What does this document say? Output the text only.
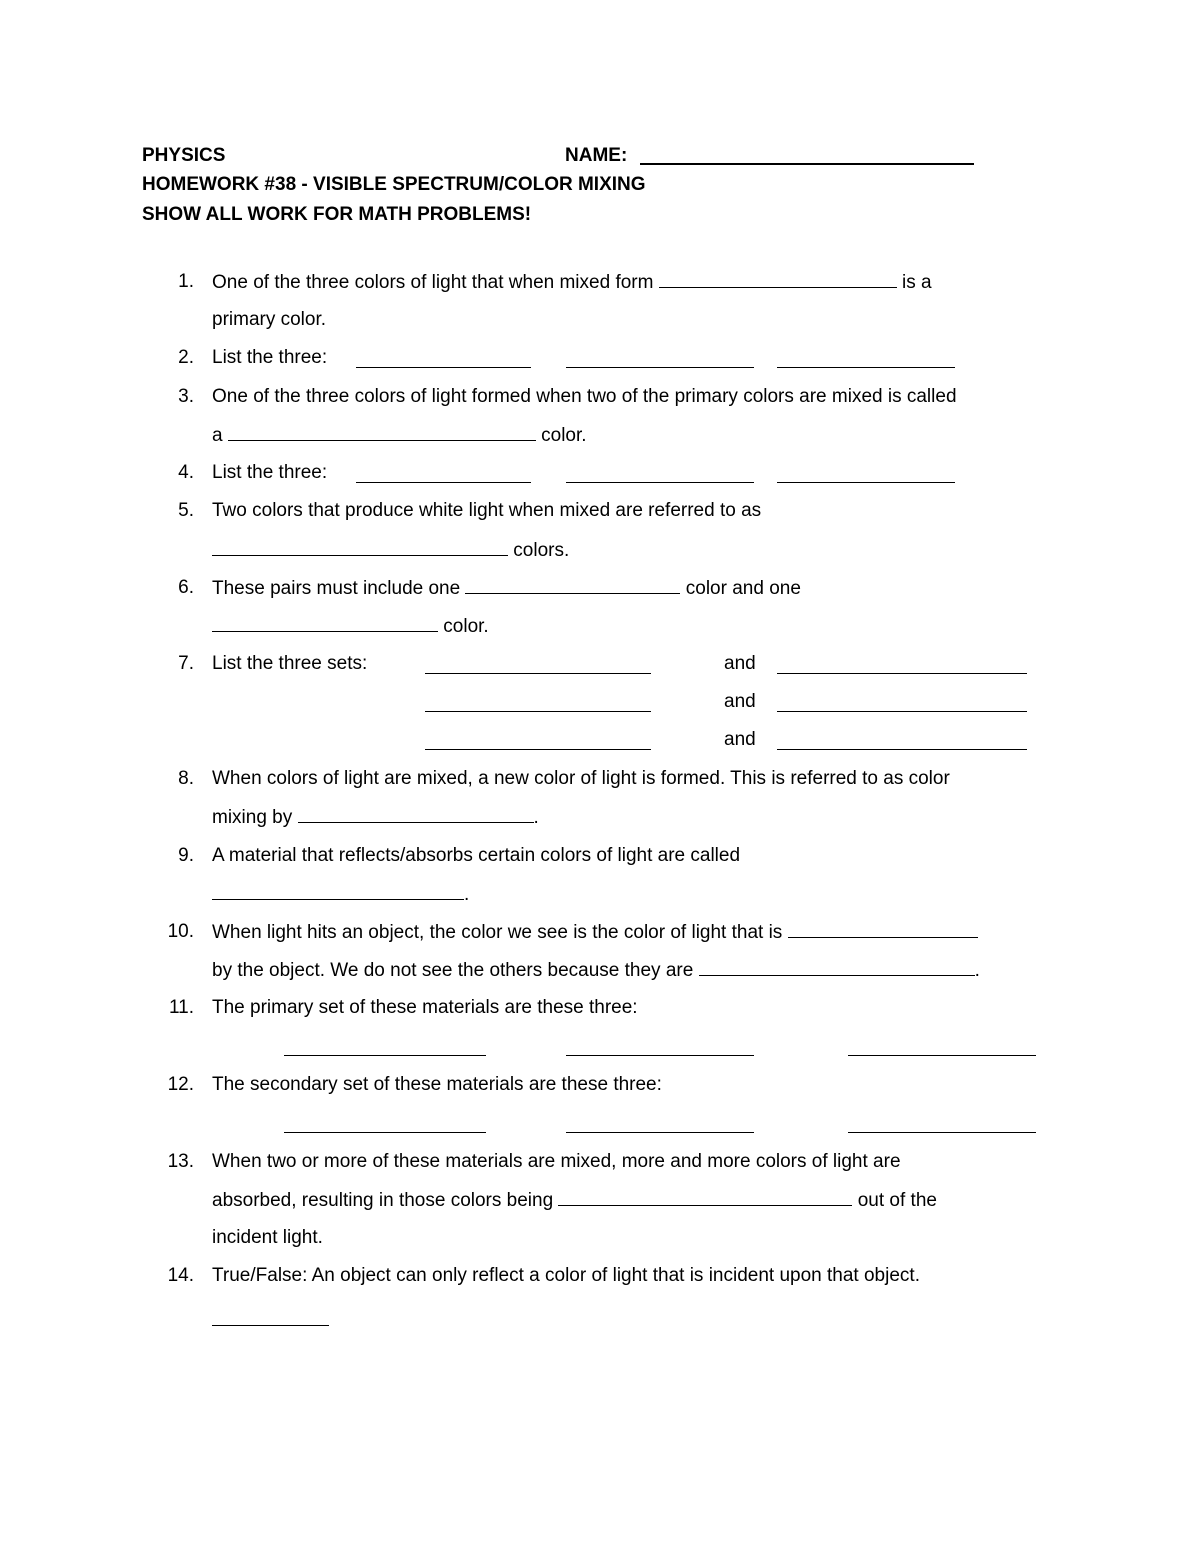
PHYSICS	NAME:
HOMEWORK #38 - VISIBLE SPECTRUM/COLOR MIXING
SHOW ALL WORK FOR MATH PROBLEMS!
1. One of the three colors of light that when mixed form	is a
primary color.
2. List the three:
3. One of the three colors of light formed when two of the primary colors are mixed is called
a	color.
4. List the three:
5. Two colors that produce white light when mixed are referred to as
colors.
6. These pairs must include one	color and one
color.
7. List the three sets:	and
and
and
8. When colors of light are mixed, a new color of light is formed. This is referred to as color
mixing by	.
9. A material that reflects/absorbs certain colors of light are called
.
10. When light hits an object, the color we see is the color of light that is
by the object. We do not see the others because they are	.
11. The primary set of these materials are these three:
12. The secondary set of these materials are these three:
13. When two or more of these materials are mixed, more and more colors of light are
absorbed, resulting in those colors being	out of the
incident light.
14. True/False: An object can only reflect a color of light that is incident upon that object.
